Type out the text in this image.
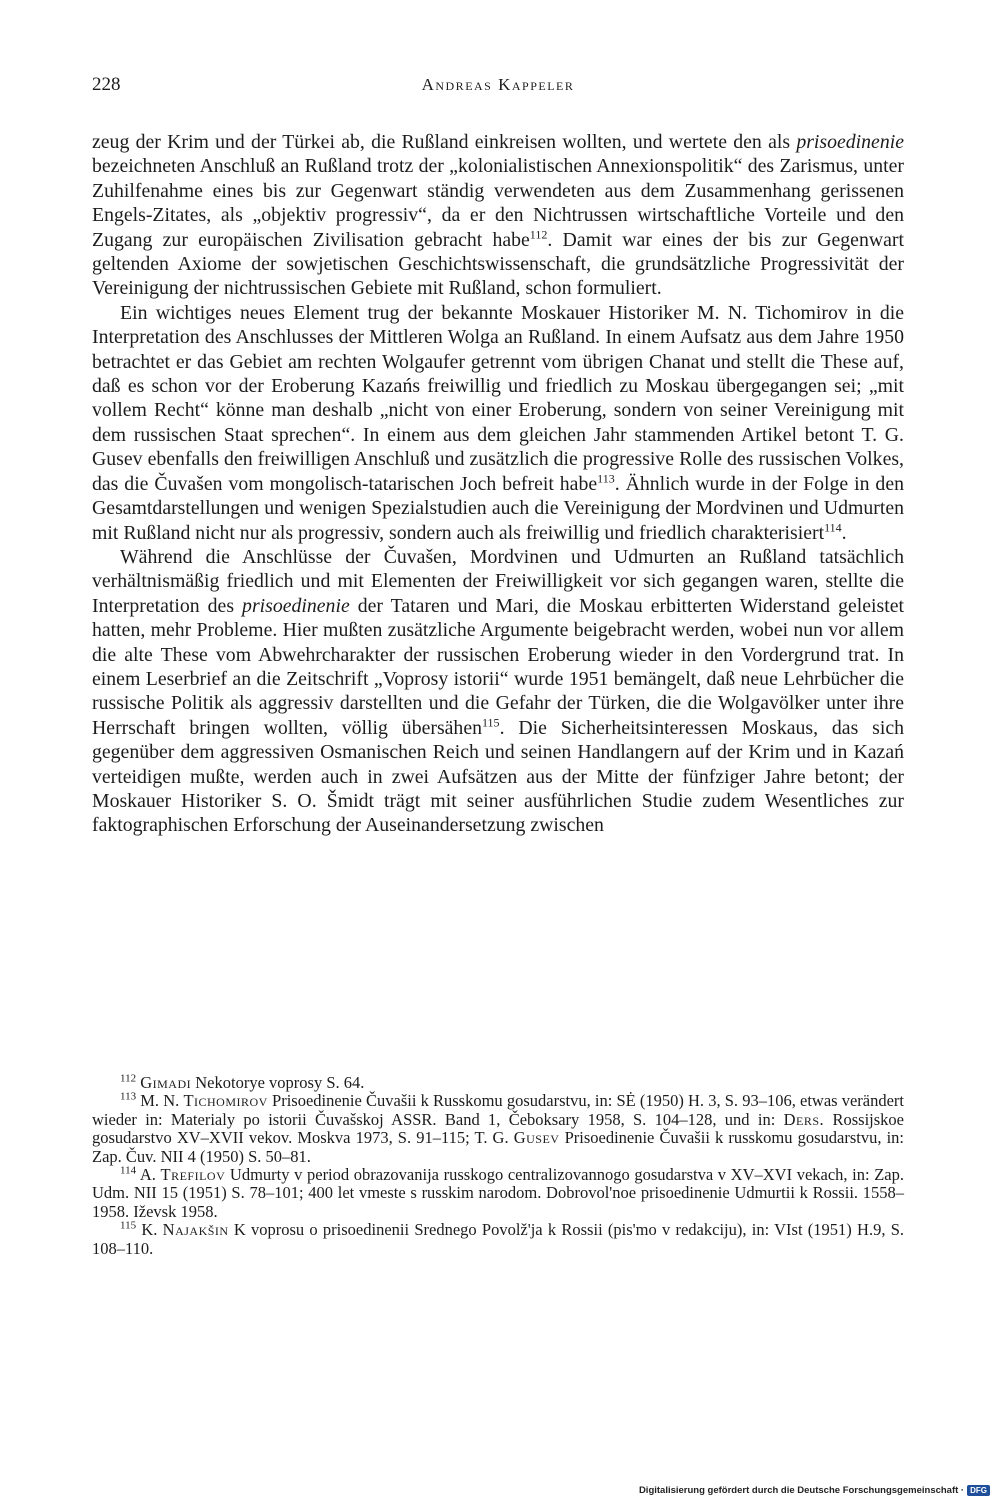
228	Andreas Kappeler

zeug der Krim und der Türkei ab, die Rußland einkreisen wollten, und wertete den als prisoedinenie bezeichneten Anschluß an Rußland trotz der „kolonialistischen Annexionspolitik“ des Zarismus, unter Zuhilfenahme eines bis zur Gegenwart ständig verwendeten aus dem Zusammenhang gerissenen Engels-Zitates, als „objektiv progressiv“, da er den Nichtrussen wirtschaftliche Vorteile und den Zugang zur europäischen Zivilisation gebracht habe$^{112}$. Damit war eines der bis zur Gegenwart geltenden Axiome der sowjetischen Geschichtswissenschaft, die grundsätzliche Progressivität der Vereinigung der nichtrussischen Gebiete mit Rußland, schon formuliert.

Ein wichtiges neues Element trug der bekannte Moskauer Historiker M. N. Tichomirov in die Interpretation des Anschlusses der Mittleren Wolga an Rußland. In einem Aufsatz aus dem Jahre 1950 betrachtet er das Gebiet am rechten Wolgaufer getrennt vom übrigen Chanat und stellt die These auf, daß es schon vor der Eroberung Kazańs freiwillig und friedlich zu Moskau übergegangen sei; „mit vollem Recht“ könne man deshalb „nicht von einer Eroberung, sondern von seiner Vereinigung mit dem russischen Staat sprechen“. In einem aus dem gleichen Jahr stammenden Artikel betont T. G. Gusev ebenfalls den freiwilligen Anschluß und zusätzlich die progressive Rolle des russischen Volkes, das die Čuvašen vom mongolisch-tatarischen Joch befreit habe$^{113}$. Ähnlich wurde in der Folge in den Gesamtdarstellungen und wenigen Spezialstudien auch die Vereinigung der Mordvinen und Udmurten mit Rußland nicht nur als progressiv, sondern auch als freiwillig und friedlich charakterisiert$^{114}$.

Während die Anschlüsse der Čuvašen, Mordvinen und Udmurten an Rußland tatsächlich verhältnismäßig friedlich und mit Elementen der Freiwilligkeit vor sich gegangen waren, stellte die Interpretation des prisoedinenie der Tataren und Mari, die Moskau erbitterten Widerstand geleistet hatten, mehr Probleme. Hier mußten zusätzliche Argumente beigebracht werden, wobei nun vor allem die alte These vom Abwehrcharakter der russischen Eroberung wieder in den Vordergrund trat. In einem Leserbrief an die Zeitschrift „Voprosy istorii“ wurde 1951 bemängelt, daß neue Lehrbücher die russische Politik als aggressiv darstellten und die Gefahr der Türken, die die Wolgavölker unter ihre Herrschaft bringen wollten, völlig übersähen$^{115}$. Die Sicherheitsinteressen Moskaus, das sich gegenüber dem aggressiven Osmanischen Reich und seinen Handlangern auf der Krim und in Kazań verteidigen mußte, werden auch in zwei Aufsätzen aus der Mitte der fünfziger Jahre betont; der Moskauer Historiker S. O. Šmidt trägt mit seiner ausführlichen Studie zudem Wesentliches zur faktographischen Erforschung der Auseinandersetzung zwischen

$^{112}$ Gimadi Nekotorye voprosy S. 64.

$^{113}$ M. N. Tichomirov Prisoedinenie Čuvašii k Russkomu gosudarstvu, in: SĖ (1950) H. 3, S. 93–106, etwas verändert wieder in: Materialy po istorii Čuvašskoj ASSR. Band 1, Čeboksary 1958, S. 104–128, und in: Ders. Rossijskoe gosudarstvo XV–XVII vekov. Moskva 1973, S. 91–115; T. G. Gusev Prisoedinenie Čuvašii k russkomu gosudarstvu, in: Zap. Čuv. NII 4 (1950) S. 50–81.

$^{114}$ A. Trefilov Udmurty v period obrazovanija russkogo centralizovannogo gosudarstva v XV–XVI vekach, in: Zap. Udm. NII 15 (1951) S. 78–101; 400 let vmeste s russkim narodom. Dobrovol'noe prisoedinenie Udmurtii k Rossii. 1558–1958. Iževsk 1958.

$^{115}$ K. Najakšin K voprosu o prisoedinenii Srednego Povolž'ja k Rossii (pis'mo v redakciju), in: VIst (1951) H.9, S. 108–110.

Digitalisierung gefördert durch die Deutsche Forschungsgemeinschaft · DFG
